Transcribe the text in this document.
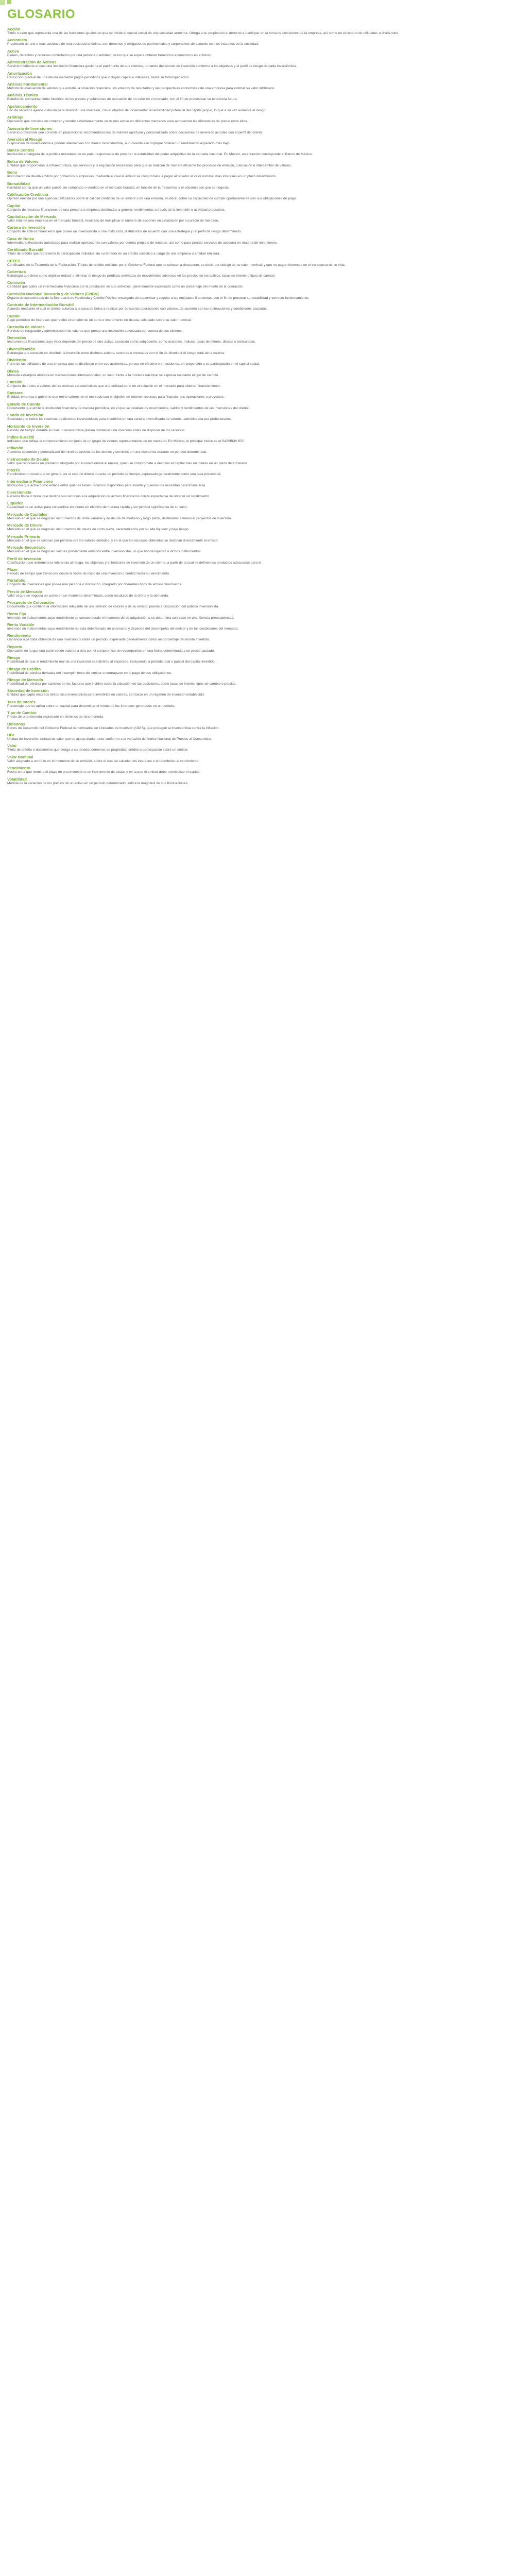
GLOSARIO
Acción
Título o valor que representa una de las fracciones iguales en que se divide el capital social de una sociedad anónima. Otorga a su propietario el derecho a participar en la toma de decisiones de la empresa, así como en el reparto de utilidades o dividendos.
Accionista
Propietario de una o más acciones de una sociedad anónima, con derechos y obligaciones patrimoniales y corporativos de acuerdo con los estatutos de la sociedad.
Activo
Bienes, derechos y recursos controlados por una persona o entidad, de los que se espera obtener beneficios económicos en el futuro.
Administración de Activos
Servicio mediante el cual una institución financiera gestiona el patrimonio de sus clientes, tomando decisiones de inversión conforme a los objetivos y el perfil de riesgo de cada inversionista.
Amortización
Reducción gradual de una deuda mediante pagos periódicos que incluyen capital e intereses, hasta su total liquidación.
Análisis Fundamental
Método de evaluación de valores que estudia la situación financiera, los estados de resultados y las perspectivas económicas de una empresa para estimar su valor intrínseco.
Análisis Técnico
Estudio del comportamiento histórico de los precios y volúmenes de operación de un valor en el mercado, con el fin de pronosticar su tendencia futura.
Apalancamiento
Uso de recursos ajenos o deuda para financiar una inversión, con el objetivo de incrementar la rentabilidad potencial del capital propio, lo que a su vez aumenta el riesgo.
Arbitraje
Operación que consiste en comprar y vender simultáneamente un mismo activo en diferentes mercados para aprovechar las diferencias de precio entre ellos.
Asesoría de Inversiones
Servicio profesional que consiste en proporcionar recomendaciones de manera oportuna y personalizada sobre decisiones de inversión acordes con el perfil del cliente.
Aversión al Riesgo
Disposición del inversionista a preferir alternativas con menor incertidumbre, aun cuando ello implique obtener un rendimiento esperado más bajo.
Banco Central
Institución encargada de la política monetaria de un país, responsable de procurar la estabilidad del poder adquisitivo de la moneda nacional. En México, esta función corresponde al Banco de México.
Bolsa de Valores
Entidad que proporciona la infraestructura, los servicios y la regulación necesarios para que se realicen de manera eficiente los procesos de emisión, colocación e intercambio de valores.
Bono
Instrumento de deuda emitido por gobiernos o empresas, mediante el cual el emisor se compromete a pagar al tenedor el valor nominal más intereses en un plazo determinado.
Bursatilidad
Facilidad con la que un valor puede ser comprado o vendido en el mercado bursátil, en función de la frecuencia y el volumen con que se negocia.
Calificación Crediticia
Opinión emitida por una agencia calificadora sobre la calidad crediticia de un emisor o de una emisión, es decir, sobre su capacidad de cumplir oportunamente con sus obligaciones de pago.
Capital
Conjunto de recursos financieros de una persona o empresa destinados a generar rendimientos a través de la inversión o actividad productiva.
Capitalización de Mercado
Valor total de una empresa en el mercado bursátil, resultado de multiplicar el número de acciones en circulación por su precio de mercado.
Cartera de Inversión
Conjunto de activos financieros que posee un inversionista o una institución, distribuidos de acuerdo con una estrategia y un perfil de riesgo determinado.
Casa de Bolsa
Intermediario financiero autorizado para realizar operaciones con valores por cuenta propia o de terceros, así como para prestar servicios de asesoría en materia de inversiones.
Certificado Bursátil
Título de crédito que representa la participación individual de su tenedor en un crédito colectivo a cargo de una empresa o entidad emisora.
CETES
Certificados de la Tesorería de la Federación. Títulos de crédito emitidos por el Gobierno Federal que se colocan a descuento, es decir, por debajo de su valor nominal, y que no pagan intereses en el transcurso de su vida.
Cobertura
Estrategia que tiene como objetivo reducir o eliminar el riesgo de pérdidas derivadas de movimientos adversos en los precios de los activos, tasas de interés o tipos de cambio.
Comisión
Cantidad que cobra un intermediario financiero por la prestación de sus servicios, generalmente expresada como un porcentaje del monto de la operación.
Comisión Nacional Bancaria y de Valores (CNBV)
Órgano desconcentrado de la Secretaría de Hacienda y Crédito Público encargado de supervisar y regular a las entidades financieras, con el fin de procurar su estabilidad y correcto funcionamiento.
Contrato de Intermediación Bursátil
Acuerdo mediante el cual el cliente autoriza a la casa de bolsa a realizar por su cuenta operaciones con valores, de acuerdo con las instrucciones y condiciones pactadas.
Cupón
Pago periódico de intereses que recibe el tenedor de un bono o instrumento de deuda, calculado sobre su valor nominal.
Custodia de Valores
Servicio de resguardo y administración de valores que presta una institución autorizada por cuenta de sus clientes.
Derivados
Instrumentos financieros cuyo valor depende del precio de otro activo, conocido como subyacente, como acciones, índices, tasas de interés, divisas o mercancías.
Diversificación
Estrategia que consiste en distribuir la inversión entre distintos activos, sectores o mercados con el fin de disminuir el riesgo total de la cartera.
Dividendo
Parte de las utilidades de una empresa que se distribuye entre sus accionistas, ya sea en efectivo o en acciones, en proporción a su participación en el capital social.
Divisa
Moneda extranjera utilizada en transacciones internacionales; su valor frente a la moneda nacional se expresa mediante el tipo de cambio.
Emisión
Conjunto de títulos o valores de las mismas características que una entidad pone en circulación en el mercado para obtener financiamiento.
Emisora
Entidad, empresa o gobierno que emite valores en el mercado con el objetivo de obtener recursos para financiar sus operaciones o proyectos.
Estado de Cuenta
Documento que emite la institución financiera de manera periódica, en el que se detallan los movimientos, saldos y rendimientos de las inversiones del cliente.
Fondo de Inversión
Sociedad que reúne los recursos de diversos inversionistas para invertirlos en una cartera diversificada de valores, administrada por profesionales.
Horizonte de Inversión
Periodo de tiempo durante el cual un inversionista planea mantener una inversión antes de disponer de los recursos.
Índice Bursátil
Indicador que refleja el comportamiento conjunto de un grupo de valores representativos de un mercado. En México, el principal índice es el S&P/BMV IPC.
Inflación
Aumento sostenido y generalizado del nivel de precios de los bienes y servicios en una economía durante un periodo determinado.
Instrumento de Deuda
Valor que representa un préstamo otorgado por el inversionista al emisor, quien se compromete a devolver el capital más un interés en un plazo determinado.
Interés
Rendimiento o costo que se genera por el uso del dinero durante un periodo de tiempo, expresado generalmente como una tasa porcentual.
Intermediario Financiero
Institución que actúa como enlace entre quienes tienen recursos disponibles para invertir y quienes los necesitan para financiarse.
Inversionista
Persona física o moral que destina sus recursos a la adquisición de activos financieros con la expectativa de obtener un rendimiento.
Liquidez
Capacidad de un activo para convertirse en dinero en efectivo de manera rápida y sin pérdida significativa de su valor.
Mercado de Capitales
Mercado en el que se negocian instrumentos de renta variable y de deuda de mediano y largo plazo, destinados a financiar proyectos de inversión.
Mercado de Dinero
Mercado en el que se negocian instrumentos de deuda de corto plazo, caracterizados por su alta liquidez y bajo riesgo.
Mercado Primario
Mercado en el que se colocan por primera vez los valores emitidos, y en el que los recursos obtenidos se destinan directamente al emisor.
Mercado Secundario
Mercado en el que se negocian valores previamente emitidos entre inversionistas, lo que brinda liquidez a dichos instrumentos.
Perfil de Inversión
Clasificación que determina la tolerancia al riesgo, los objetivos y el horizonte de inversión de un cliente, a partir de la cual se definen los productos adecuados para él.
Plazo
Periodo de tiempo que transcurre desde la fecha de inicio de una inversión o crédito hasta su vencimiento.
Portafolio
Conjunto de inversiones que posee una persona o institución, integrado por diferentes tipos de activos financieros.
Precio de Mercado
Valor al que se negocia un activo en un momento determinado, como resultado de la oferta y la demanda.
Prospecto de Colocación
Documento que contiene la información relevante de una emisión de valores y de su emisor, puesto a disposición del público inversionista.
Renta Fija
Inversión en instrumentos cuyo rendimiento se conoce desde el momento de su adquisición o se determina con base en una fórmula preestablecida.
Renta Variable
Inversión en instrumentos cuyo rendimiento no está determinado de antemano y depende del desempeño del emisor y de las condiciones del mercado.
Rendimiento
Ganancia o pérdida obtenida de una inversión durante un periodo, expresada generalmente como un porcentaje del monto invertido.
Reporto
Operación en la que una parte vende valores a otra con el compromiso de recomprarlos en una fecha determinada a un precio pactado.
Riesgo
Posibilidad de que el rendimiento real de una inversión sea distinto al esperado, incluyendo la pérdida total o parcial del capital invertido.
Riesgo de Crédito
Posibilidad de pérdida derivada del incumplimiento del emisor o contraparte en el pago de sus obligaciones.
Riesgo de Mercado
Posibilidad de pérdida por cambios en los factores que inciden sobre la valuación de las posiciones, como tasas de interés, tipos de cambio o precios.
Sociedad de Inversión
Entidad que capta recursos del público inversionista para invertirlos en valores, con base en un régimen de inversión establecido.
Tasa de Interés
Porcentaje que se aplica sobre un capital para determinar el monto de los intereses generados en un periodo.
Tipo de Cambio
Precio de una moneda expresado en términos de otra moneda.
Udibonos
Bonos de Desarrollo del Gobierno Federal denominados en Unidades de Inversión (UDIS), que protegen al inversionista contra la inflación.
UDI
Unidad de Inversión. Unidad de valor que se ajusta diariamente conforme a la variación del Índice Nacional de Precios al Consumidor.
Valor
Título de crédito o documento que otorga a su tenedor derechos de propiedad, crédito o participación sobre un emisor.
Valor Nominal
Valor asignado a un título en el momento de su emisión, sobre el cual se calculan los intereses o el reembolso al vencimiento.
Vencimiento
Fecha en la que termina el plazo de una inversión o un instrumento de deuda y en la que el emisor debe reembolsar el capital.
Volatilidad
Medida de la variación de los precios de un activo en un periodo determinado; indica la magnitud de sus fluctuaciones.
